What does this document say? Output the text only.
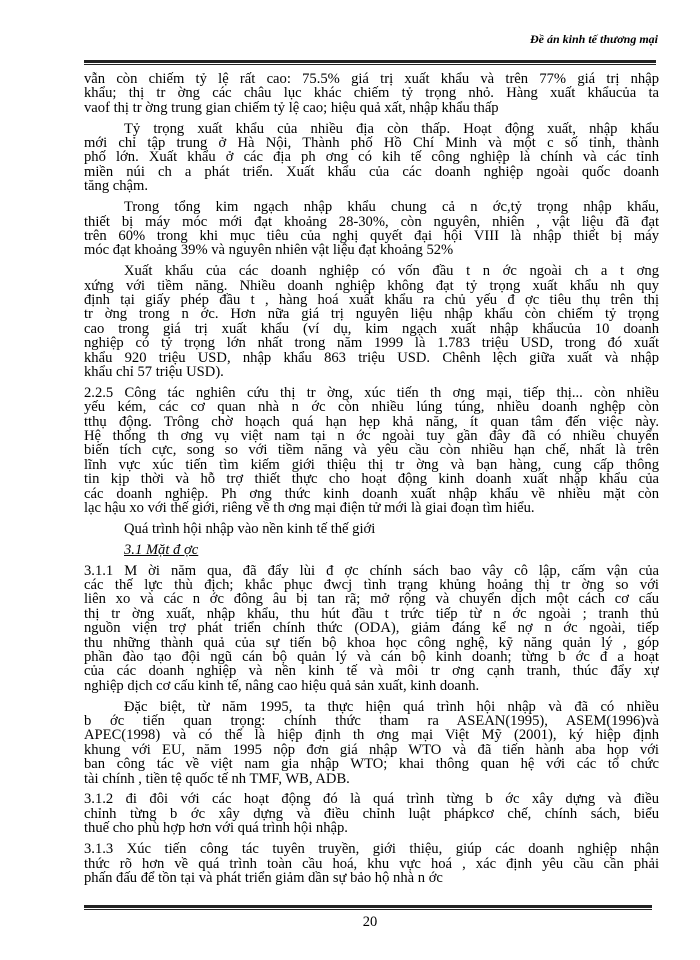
Đề án kinh tế thương mại
vẫn còn chiếm tỷ lệ rất cao: 75.5% giá trị xuất khẩu và trên 77% giá trị nhập
khẩu; thị tr ờng các châu lục khác chiếm tỷ trọng nhỏ. Hàng xuất khẩucủa ta
vaof thị tr ờng trung gian chiếm tỷ lệ cao; hiệu quả xất, nhập khẩu thấp
Tỷ trọng xuất khẩu của nhiều địa còn thấp. Hoạt động xuất, nhập khẩu
mới chỉ tập trung ở Hà Nội, Thành phố Hồ Chí Minh và một c số tỉnh, thành
phố lớn. Xuất khẩu ở các địa ph ơng có kih tế công nghiệp là chính và các tỉnh
miền núi ch a phát triển. Xuất khẩu của các doanh nghiệp ngoài quốc doanh
tăng chậm.
Trong tổng kim ngạch nhập khẩu chung cả n ớc,tỷ trọng nhập khẩu,
thiết bị máy móc mới đạt khoảng 28-30%, còn nguyên, nhiên , vật liệu đã đạt
trên 60% trong khi mục tiêu của nghị quyết đại hội VIII là nhập thiết bị máy
móc đạt khoảng 39% và nguyên nhiên vật liệu đạt khoảng 52%
Xuất khẩu của các doanh nghiệp có vốn đầu t n ớc ngoài ch a t ơng
xứng với tiềm năng. Nhiều doanh nghiệp không đạt tỷ trọng xuất khẩu nh quy
định tại giấy phép đầu t , hàng hoá xuất khẩu ra chủ yếu đ ợc tiêu thụ trên thị
tr ờng trong n ớc. Hơn nữa giá trị nguyên liệu nhập khẩu còn chiếm tỷ trọng
cao trong giá trị xuất khẩu (ví dụ, kim ngạch xuất nhập khẩucủa 10 doanh
nghiệp có tỷ trọng lớn nhất trong năm 1999 là 1.783 triệu USD, trong đó xuất
khẩu 920 triệu USD, nhập khẩu 863 triệu USD. Chênh lệch giữa xuất và nhập
khẩu chỉ 57 triệu USD).
2.2.5 Công tác nghiên cứu thị tr ờng, xúc tiến th ơng mại, tiếp thị... còn nhiều
yếu kém, các cơ quan nhà n ớc còn nhiều lúng túng, nhiều doanh nghệp còn
tthụ động. Trông chờ hoạch quá hạn hẹp khả năng, ít quan tâm đến việc này.
Hệ thống th ơng vụ việt nam tại n ớc ngoài tuy gần đây đã có nhiều chuyển
biến tích cực, song so với tiềm năng và yêu cầu còn nhiều hạn chế, nhất là trên
lĩnh vực xúc tiến tìm kiếm giới thiệu thị tr ờng và bạn hàng, cung cấp thông
tin kịp thời và hỗ trợ thiết thực cho hoạt động kinh doanh xuất nhập khẩu của
các doanh nghiệp. Ph ơng thức kinh doanh xuất nhập khẩu về nhiều mặt còn
lạc hậu xo với thế giới, riêng về th ơng mại điện tử mới là giai đoạn tìm hiểu.
Quá trình hội nhập vào nền kinh tế thế giới
3.1 Mặt đ ợc
3.1.1 M ời năm qua, đã đẩy lùi đ ợc chính sách bao vây cô lập, cấm vận của
các thế lực thù địch; khắc phục đwcj tình trạng khủng hoảng thị tr ờng so với
liên xo và các n ớc đông âu bị tan rã; mở rộng và chuyển dịch một cách cơ cấu
thị tr ờng xuất, nhập khẩu, thu hút đầu t trức tiếp từ n ớc ngoài ; tranh thủ
nguồn viện trợ phát triển chính thức (ODA), giảm đáng kể nợ n ớc ngoài, tiếp
thu những thành quả của sự tiến bộ khoa học công nghệ, kỹ năng quản lý , góp
phần đào tạo đội ngũ cán bộ quản lý và cán bộ kinh doanh; từng b ớc đ a hoạt
của các doanh nghiệp và nền kinh tế và môi tr ơng cạnh tranh, thúc đẩy xự
nghiệp dịch cơ cấu kinh tế, nâng cao hiệu quả sản xuất, kinh doanh.
Đặc biệt, từ năm 1995, ta thực hiện quá trình hội nhập và đã có nhiều
b ớc tiến quan trọng: chính thức tham ra ASEAN(1995), ASEM(1996)và
APEC(1998) và có thể là hiệp định th ơng mại Việt Mỹ (2001), ký hiệp định
khung với EU, năm 1995 nộp đơn giá nhập WTO và đã tiến hành aba họp với
ban công tác về việt nam gia nhập WTO; khai thông quan hệ với các tổ chức
tài chính , tiền tệ quốc tế nh TMF, WB, ADB.
3.1.2 đi đôi với các hoạt động đó là quá trình từng b ớc xây dựng và điều
chỉnh từng b ớc xây dựng và điều chỉnh luật phápkcơ chế, chính sách, biểu
thuế cho phù hợp hơn với quá trình hội nhập.
3.1.3 Xúc tiến công tác tuyên truyền, giới thiệu, giúp các doanh nghiệp nhận
thức rõ hơn về quá trình toàn cầu hoá, khu vực hoá , xác định yêu cầu cần phải
phấn đấu để tồn tại và phát triển giảm dần sự bảo hộ nhà n ớc
20
